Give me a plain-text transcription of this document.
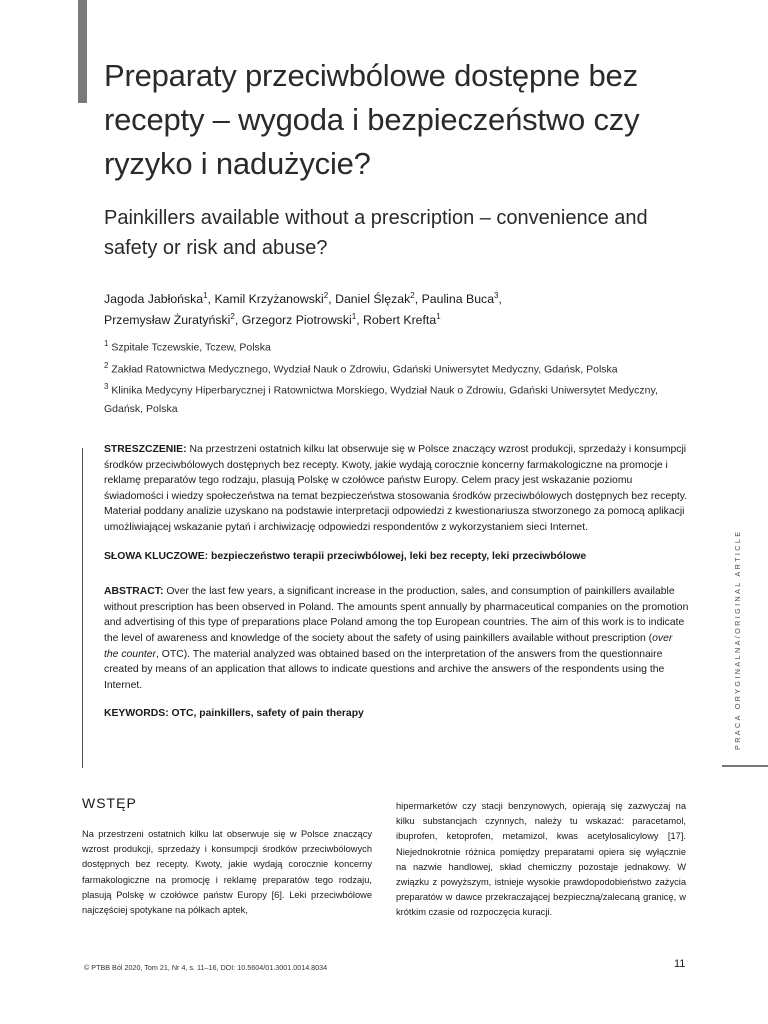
Preparaty przeciwbólowe dostępne bez recepty – wygoda i bezpieczeństwo czy ryzyko i nadużycie?
Painkillers available without a prescription – convenience and safety or risk and abuse?
Jagoda Jabłońska$^1$, Kamil Krzyżanowski$^2$, Daniel Ślęzak$^2$, Paulina Buca$^3$,
Przemysław Żuratyński$^2$, Grzegorz Piotrowski$^1$, Robert Krefta$^1$

$^1$ Szpitale Tczewskie, Tczew, Polska

$^2$ Zakład Ratownictwa Medycznego, Wydział Nauk o Zdrowiu, Gdański Uniwersytet Medyczny, Gdańsk, Polska

$^3$ Klinika Medycyny Hiperbarycznej i Ratownictwa Morskiego, Wydział Nauk o Zdrowiu, Gdański Uniwersytet Medyczny, Gdańsk, Polska

STRESZCZENIE: Na przestrzeni ostatnich kilku lat obserwuje się w Polsce znaczący wzrost produkcji, sprzedaży i konsumpcji środków przeciwbólowych dostępnych bez recepty. Kwoty, jakie wydają corocznie koncerny farmakologiczne na promocje i reklamę preparatów tego rodzaju, plasują Polskę w czołówce państw Europy. Celem pracy jest wskazanie poziomu świadomości i wiedzy społeczeństwa na temat bezpieczeństwa stosowania środków przeciwbólowych dostępnych bez recepty. Materiał poddany analizie uzyskano na podstawie interpretacji odpowiedzi z kwestionariusza stworzonego za pomocą aplikacji umożliwiającej wskazanie pytań i archiwizację odpowiedzi respondentów z wykorzystaniem sieci Internet.

SŁOWA KLUCZOWE: bezpieczeństwo terapii przeciwbólowej, leki bez recepty, leki przeciwbólowe

ABSTRACT: Over the last few years, a significant increase in the production, sales, and consumption of painkillers available without prescription has been observed in Poland. The amounts spent annually by pharmaceutical companies on the promotion and advertising of this type of preparations place Poland among the top European countries. The aim of this work is to indicate the level of awareness and knowledge of the society about the safety of using painkillers available without prescription (over the counter, OTC). The material analyzed was obtained based on the interpretation of the answers from the questionnaire created by means of an application that allows to indicate questions and archive the answers of the respondents using the Internet.

KEYWORDS: OTC, painkillers, safety of pain therapy	PRACA ORYGINALNA/ORIGINAL ARTICLE
WSTĘP

Na przestrzeni ostatnich kilku lat obserwuje się w Polsce znaczący wzrost produkcji, sprzedaży i konsumpcji środków przeciwbólowych dostępnych bez recepty. Kwoty, jakie wydają corocznie koncerny farmakologiczne na promocję i reklamę preparatów tego rodzaju, plasują Polskę w czołówce państw Europy [6]. Leki przeciwbólowe najczęściej spotykane na półkach aptek,

hipermarketów czy stacji benzynowych, opierają się zazwyczaj na kilku substancjach czynnych, należy tu wskazać: paracetamol, ibuprofen, ketoprofen, metamizol, kwas acetylosalicylowy [17]. Niejednokrotnie różnica pomiędzy preparatami opiera się wyłącznie na nazwie handlowej, skład chemiczny pozostaje jednakowy. W związku z powyższym, istnieje wysokie prawdopodobieństwo zażycia preparatów w dawce przekraczającej bezpieczną/zalecaną granicę, w krótkim czasie od rozpoczęcia kuracji.

© PTBB Ból 2020, Tom 21, Nr 4, s. 11–16, DOI: 10.5604/01.3001.0014.8034	11
